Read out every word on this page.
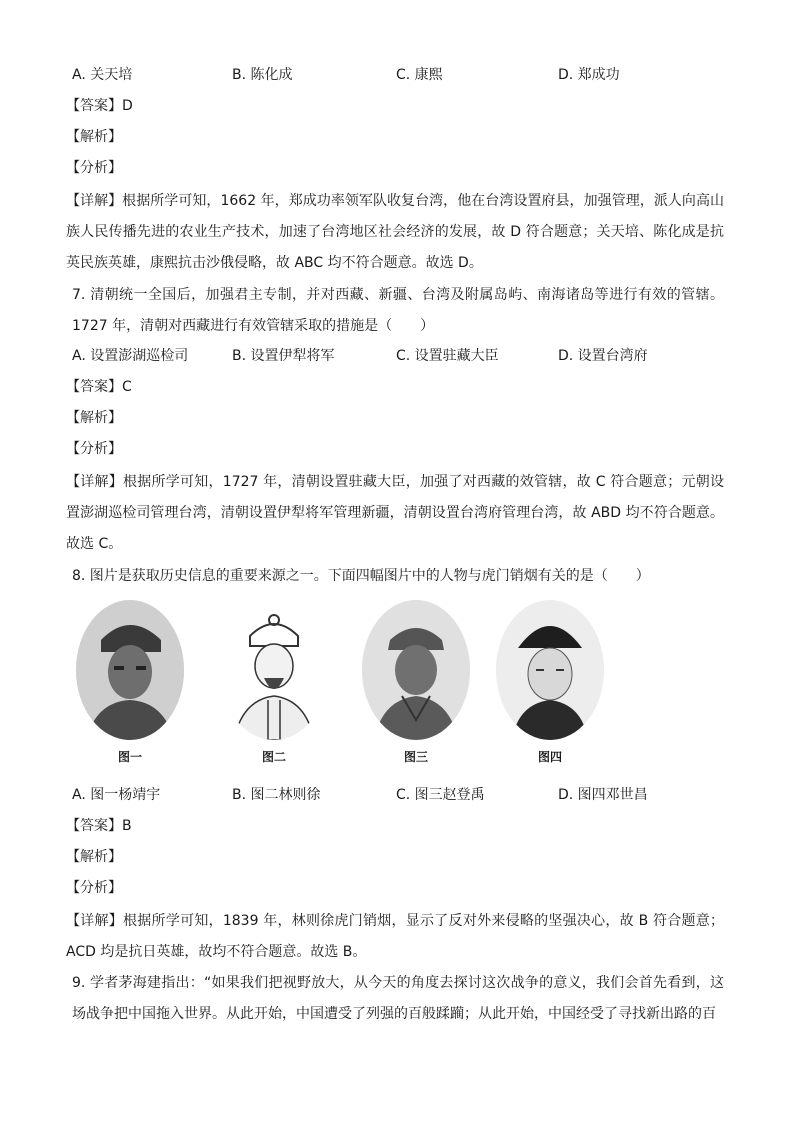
A. 关天培	B. 陈化成	C. 康熙	D. 郑成功
【答案】D
【解析】
【分析】
【详解】根据所学可知，1662 年，郑成功率领军队收复台湾，他在台湾设置府县，加强管理，派人向高山族人民传播先进的农业生产技术，加速了台湾地区社会经济的发展，故 D 符合题意；关天培、陈化成是抗英民族英雄，康熙抗击沙俄侵略，故 ABC 均不符合题意。故选 D。
7. 清朝统一全国后，加强君主专制，并对西藏、新疆、台湾及附属岛屿、南海诸岛等进行有效的管辖。1727 年，清朝对西藏进行有效管辖采取的措施是（　　）
A. 设置澎湖巡检司	B. 设置伊犁将军	C. 设置驻藏大臣	D. 设置台湾府
【答案】C
【解析】
【分析】
【详解】根据所学可知，1727 年，清朝设置驻藏大臣，加强了对西藏的效管辖，故 C 符合题意；元朝设置澎湖巡检司管理台湾，清朝设置伊犁将军管理新疆，清朝设置台湾府管理台湾，故 ABD 均不符合题意。故选 C。
8. 图片是获取历史信息的重要来源之一。下面四幅图片中的人物与虎门销烟有关的是（　　）
图一	图二	图三	图四
A. 图一杨靖宇	B. 图二林则徐	C. 图三赵登禹	D. 图四邓世昌
【答案】B
【解析】
【分析】
【详解】根据所学可知，1839 年，林则徐虎门销烟，显示了反对外来侵略的坚强决心，故 B 符合题意；ACD 均是抗日英雄，故均不符合题意。故选 B。
9. 学者茅海建指出：“如果我们把视野放大，从今天的角度去探讨这次战争的意义，我们会首先看到，这场战争把中国拖入世界。从此开始，中国遭受了列强的百般蹂躏；从此开始，中国经受了寻找新出路的百
